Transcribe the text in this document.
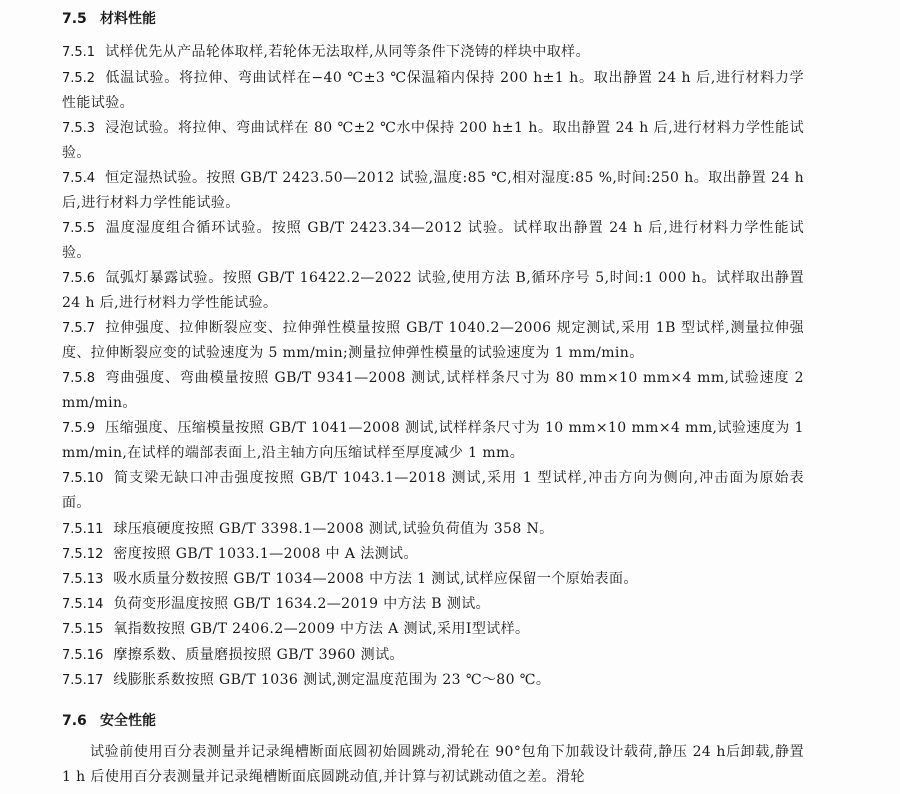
7.5 材料性能
7.5.1 试样优先从产品轮体取样,若轮体无法取样,从同等条件下浇铸的样块中取样。
7.5.2 低温试验。将拉伸、弯曲试样在−40 ℃±3 ℃保温箱内保持 200 h±1 h。取出静置 24 h 后,进行材料力学性能试验。
7.5.3 浸泡试验。将拉伸、弯曲试样在 80 ℃±2 ℃水中保持 200 h±1 h。取出静置 24 h 后,进行材料力学性能试验。
7.5.4 恒定湿热试验。按照 GB/T 2423.50—2012 试验,温度:85 ℃,相对湿度:85 %,时间:250 h。取出静置 24 h 后,进行材料力学性能试验。
7.5.5 温度湿度组合循环试验。按照 GB/T 2423.34—2012 试验。试样取出静置 24 h 后,进行材料力学性能试验。
7.5.6 氙弧灯暴露试验。按照 GB/T 16422.2—2022 试验,使用方法 B,循环序号 5,时间:1 000 h。试样取出静置 24 h 后,进行材料力学性能试验。
7.5.7 拉伸强度、拉伸断裂应变、拉伸弹性模量按照 GB/T 1040.2—2006 规定测试,采用 1B 型试样,测量拉伸强度、拉伸断裂应变的试验速度为 5 mm/min;测量拉伸弹性模量的试验速度为 1 mm/min。
7.5.8 弯曲强度、弯曲模量按照 GB/T 9341—2008 测试,试样样条尺寸为 80 mm×10 mm×4 mm,试验速度 2 mm/min。
7.5.9 压缩强度、压缩模量按照 GB/T 1041—2008 测试,试样样条尺寸为 10 mm×10 mm×4 mm,试验速度为 1 mm/min,在试样的端部表面上,沿主轴方向压缩试样至厚度减少 1 mm。
7.5.10 简支梁无缺口冲击强度按照 GB/T 1043.1—2018 测试,采用 1 型试样,冲击方向为侧向,冲击面为原始表面。
7.5.11 球压痕硬度按照 GB/T 3398.1—2008 测试,试验负荷值为 358 N。
7.5.12 密度按照 GB/T 1033.1—2008 中 A 法测试。
7.5.13 吸水质量分数按照 GB/T 1034—2008 中方法 1 测试,试样应保留一个原始表面。
7.5.14 负荷变形温度按照 GB/T 1634.2—2019 中方法 B 测试。
7.5.15 氧指数按照 GB/T 2406.2—2009 中方法 A 测试,采用Ⅰ型试样。
7.5.16 摩擦系数、质量磨损按照 GB/T 3960 测试。
7.5.17 线膨胀系数按照 GB/T 1036 测试,测定温度范围为 23 ℃～80 ℃。
7.6 安全性能
试验前使用百分表测量并记录绳槽断面底圆初始圆跳动,滑轮在 90°包角下加载设计载荷,静压 24 h后卸载,静置 1 h 后使用百分表测量并记录绳槽断面底圆跳动值,并计算与初试跳动值之差。滑轮
